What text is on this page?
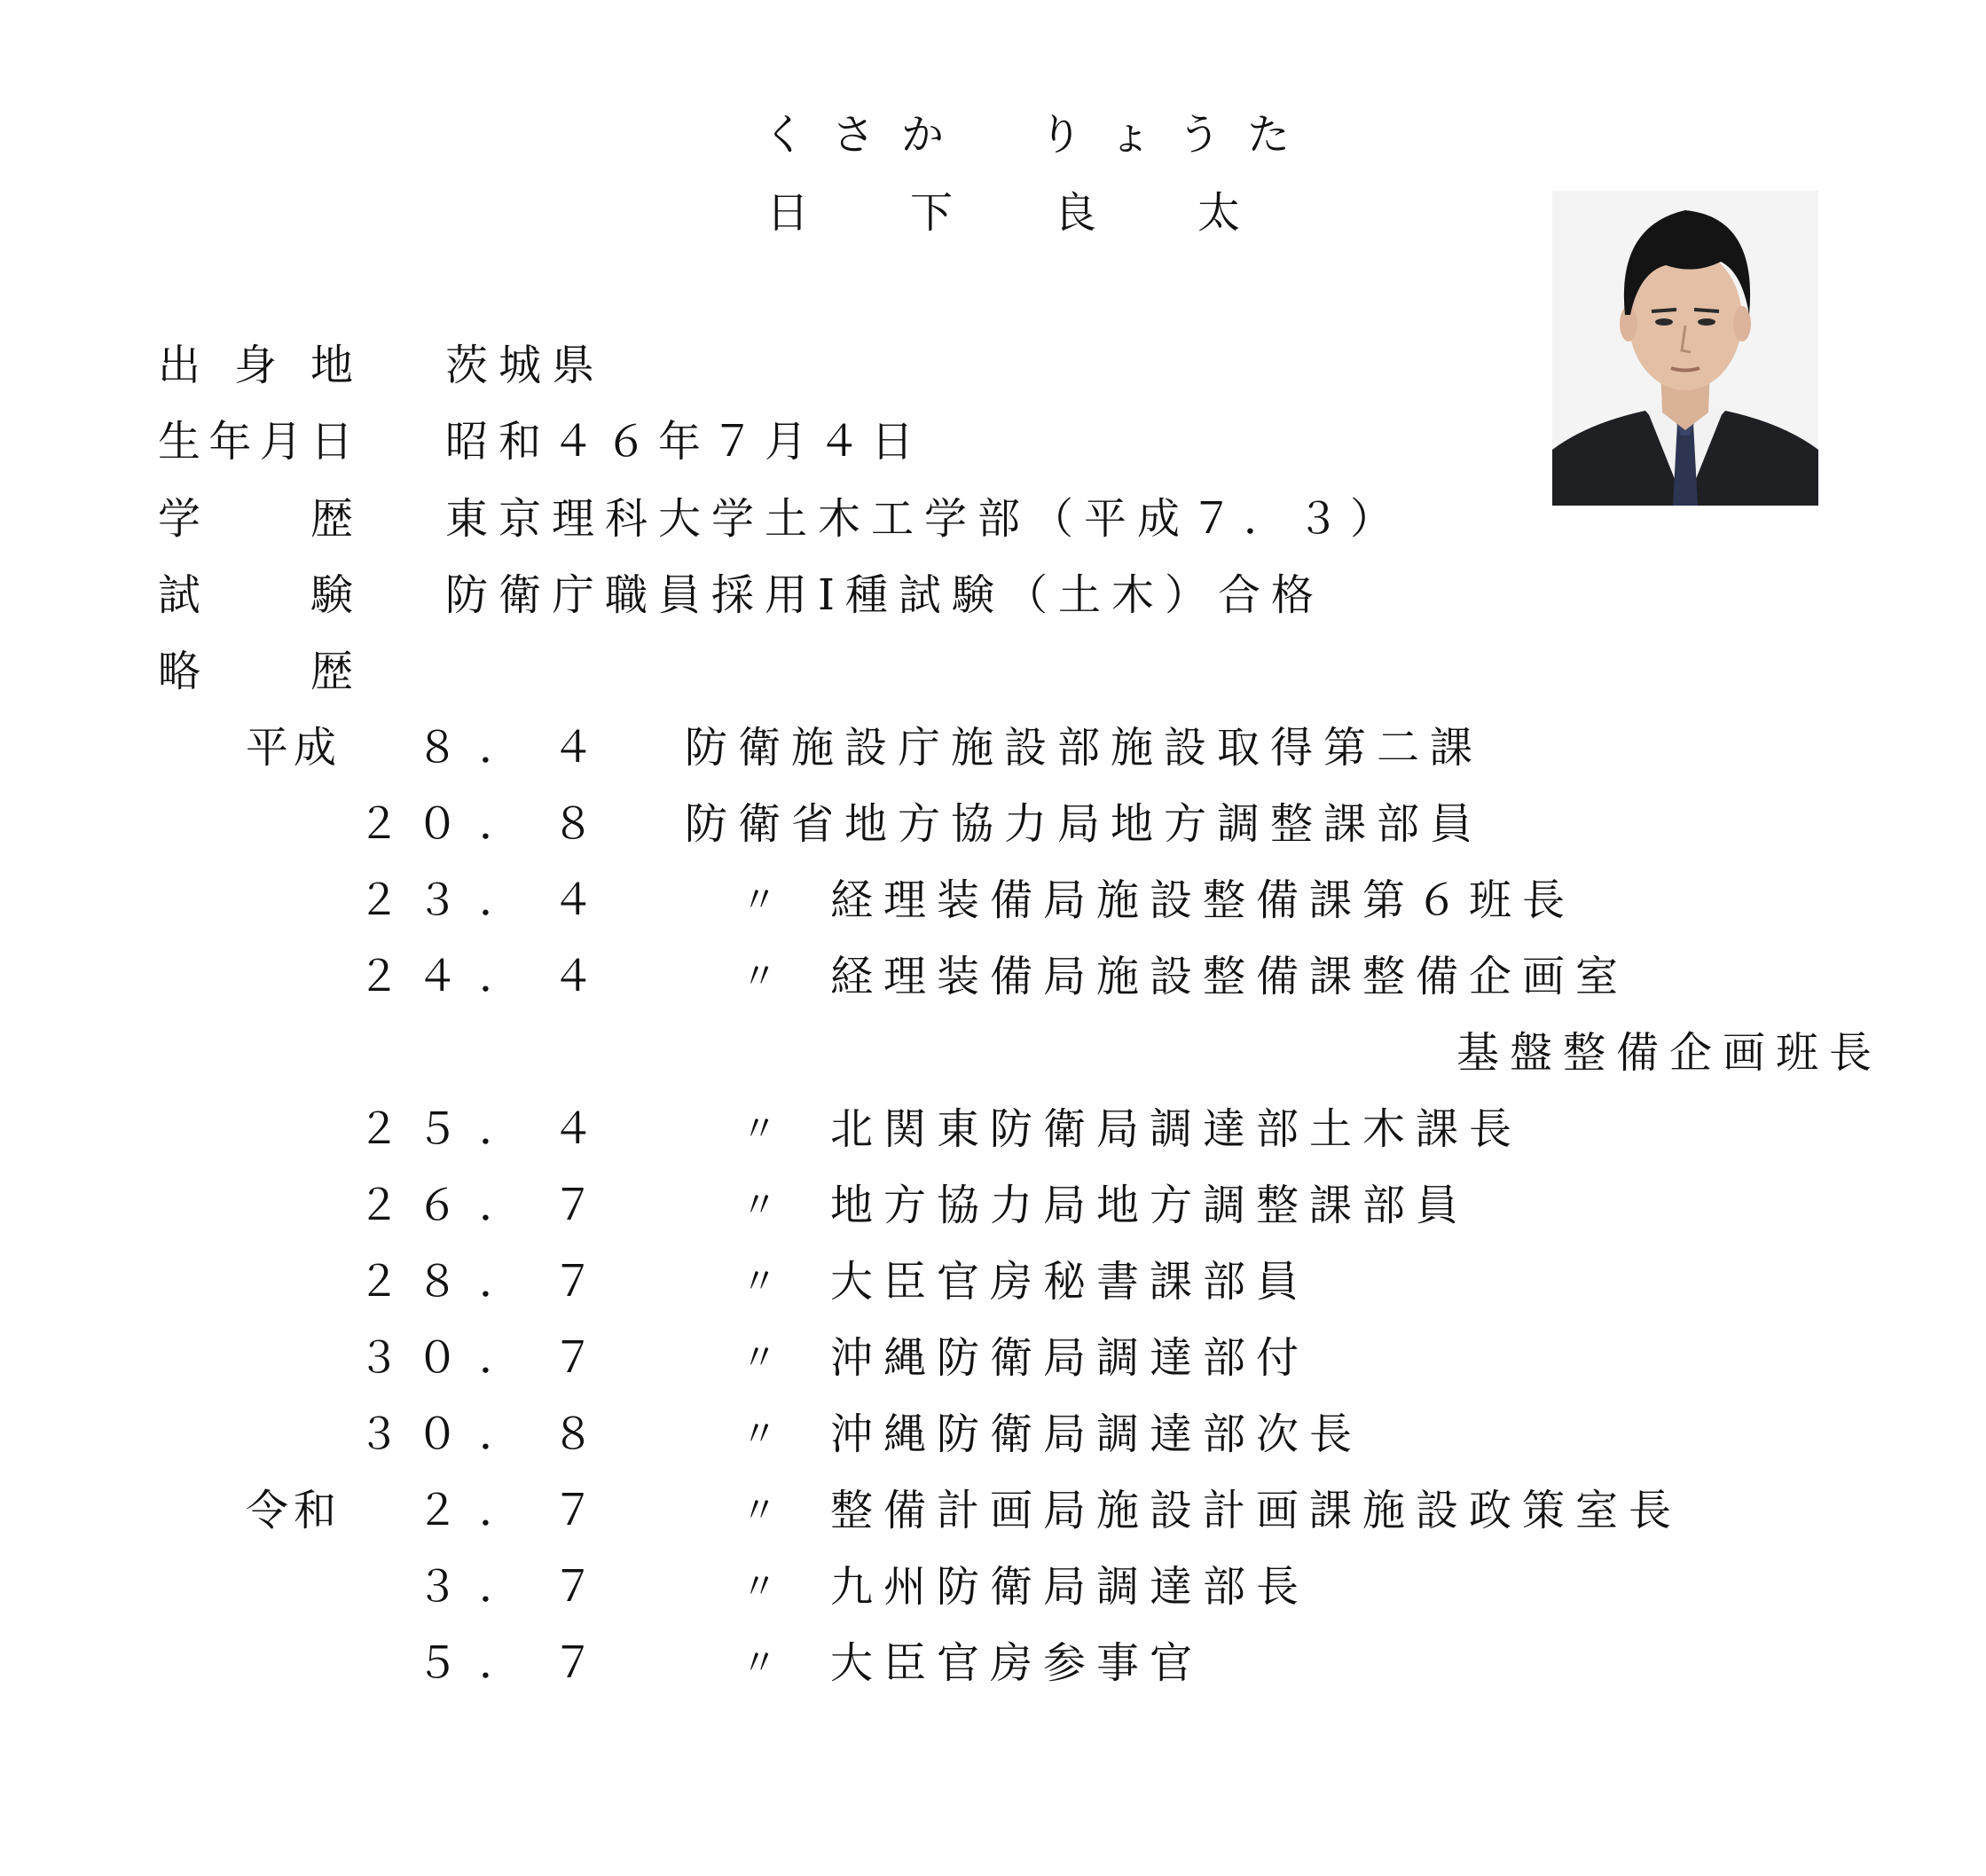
くさか　りょうた
日 下 良 太
出 身 地 茨城県
生 年 月 日 昭和４６年７月４日
学	歴 東京理科大学土木工学部（平成７．３）
試	験 防衛庁職員採用Ⅰ種試験（土木）合格
略	歴
平成	８ ． ４ 防衛施設庁施設部施設取得第二課
２０ ． ８ 防衛省地方協力局地方調整課部員
２３ ． ４	〃 経理装備局施設整備課第６班長
２４ ． ４	〃 経理装備局施設整備課整備企画室
基盤整備企画班長
２５ ． ４	〃 北関東防衛局調達部土木課長
２６ ． ７	〃 地方協力局地方調整課部員
２８ ． ７	〃 大臣官房秘書課部員
３０ ． ７	〃 沖縄防衛局調達部付
３０ ． ８	〃 沖縄防衛局調達部次長
令和	２ ． ７	〃 整備計画局施設計画課施設政策室長
３ ． ７	〃 九州防衛局調達部長
５ ． ７	〃 大臣官房参事官
